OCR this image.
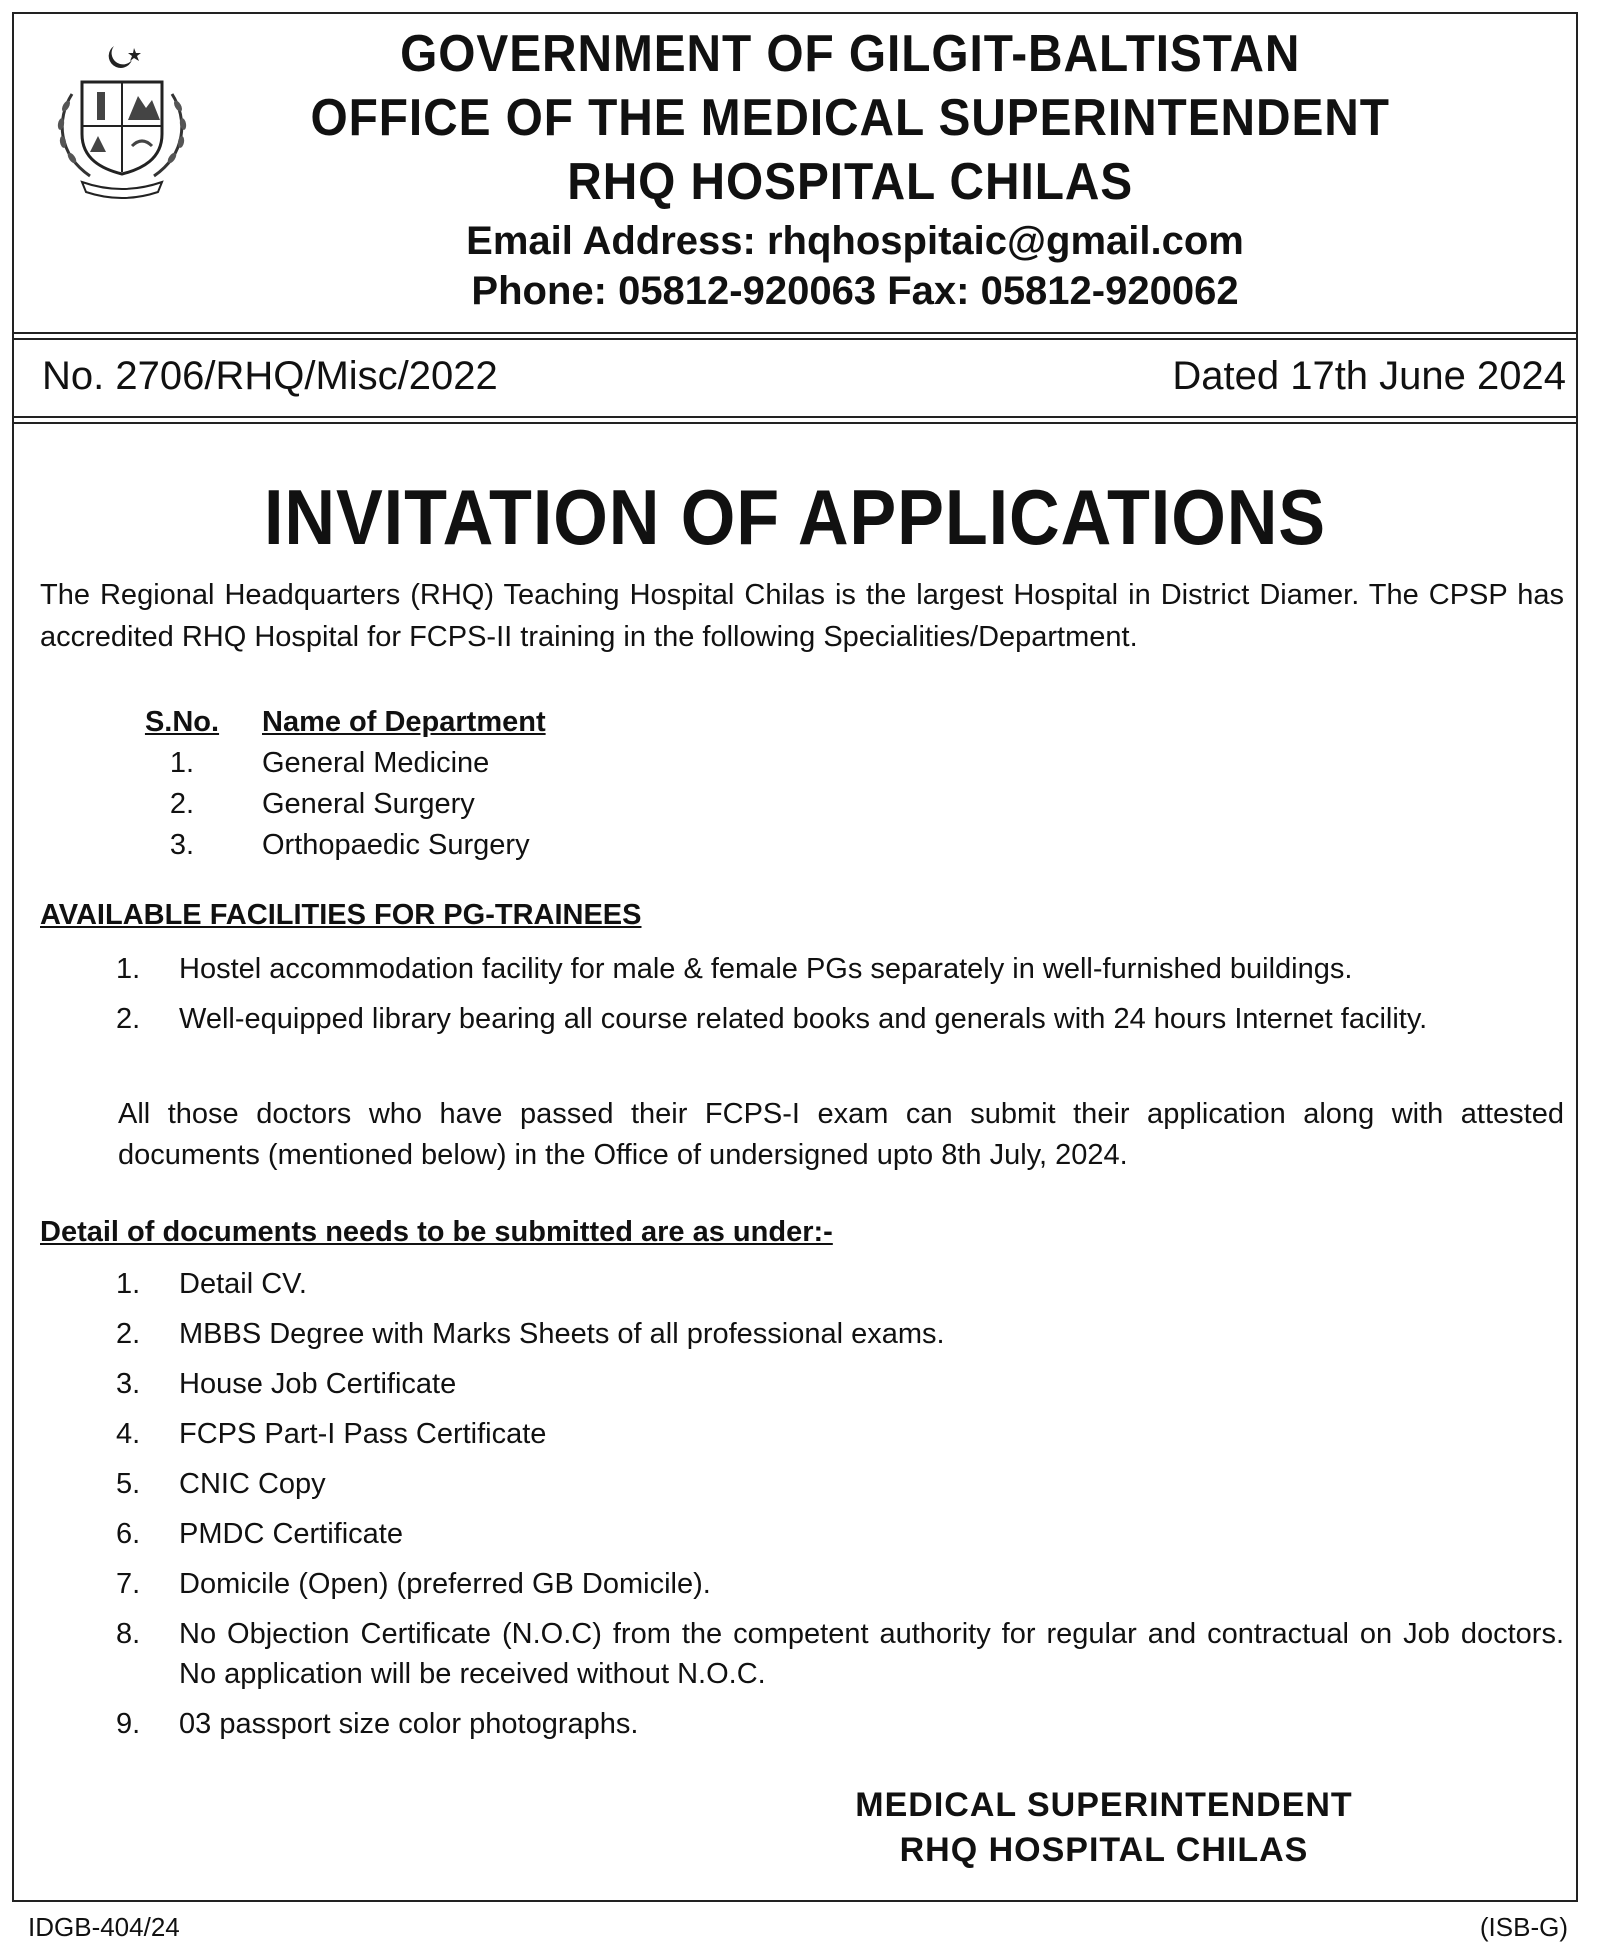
GOVERNMENT OF GILGIT-BALTISTAN
OFFICE OF THE MEDICAL SUPERINTENDENT
RHQ HOSPITAL CHILAS
Email Address: rhqhospitaic@gmail.com
Phone: 05812-920063 Fax: 05812-920062
No. 2706/RHQ/Misc/2022	Dated 17th June 2024
INVITATION OF APPLICATIONS
The Regional Headquarters (RHQ) Teaching Hospital Chilas is the largest Hospital in District Diamer. The CPSP has accredited RHQ Hospital for FCPS-II training in the following Specialities/Department.
S.No.	Name of Department
1.	General Medicine
2.	General Surgery
3.	Orthopaedic Surgery
AVAILABLE FACILITIES FOR PG-TRAINEES
1.	Hostel accommodation facility for male & female PGs separately in well-furnished buildings.
2.	Well-equipped library bearing all course related books and generals with 24 hours Internet facility.
All those doctors who have passed their FCPS-I exam can submit their application along with attested documents (mentioned below) in the Office of undersigned upto 8th July, 2024.
Detail of documents needs to be submitted are as under:-
1.	Detail CV.
2.	MBBS Degree with Marks Sheets of all professional exams.
3.	House Job Certificate
4.	FCPS Part-I Pass Certificate
5.	CNIC Copy
6.	PMDC Certificate
7.	Domicile (Open) (preferred GB Domicile).
8.	No Objection Certificate (N.O.C) from the competent authority for regular and contractual on Job doctors. No application will be received without N.O.C.
9.	03 passport size color photographs.
MEDICAL SUPERINTENDENT
RHQ HOSPITAL CHILAS
IDGB-404/24	(ISB-G)
